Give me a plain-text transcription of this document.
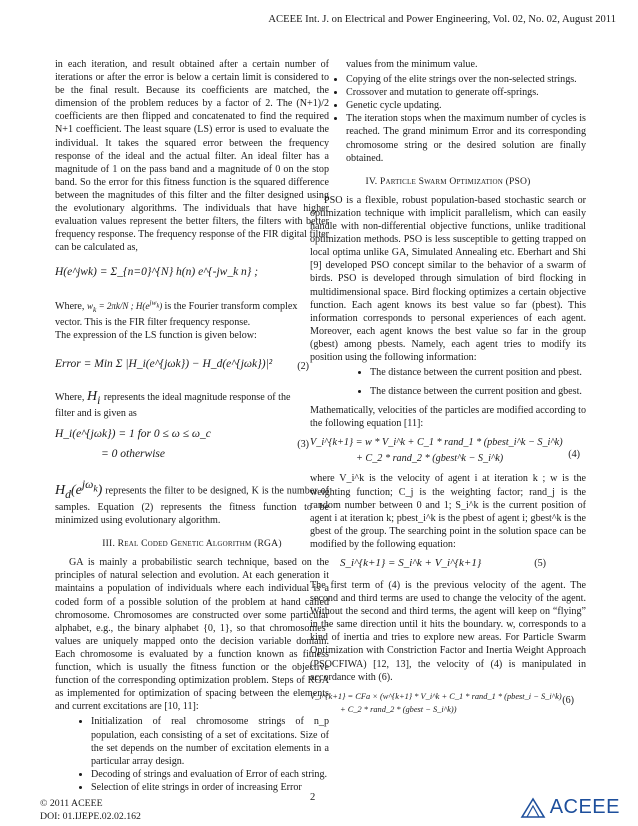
ACEEE Int. J. on Electrical and Power Engineering, Vol. 02, No. 02, August 2011

in each iteration, and result obtained after a certain number of iterations or after the error is below a certain limit is considered to be the final result. Because its coefficients are matched, the dimension of the problem reduces by a factor of 2. The (N+1)/2 coefficients are then flipped and concatenated to find the required N+1 coefficient. The least square (LS) error is used to evaluate the individual. It takes the squared error between the frequency response of the ideal and the actual filter. An ideal filter has a magnitude of 1 on the pass band and a magnitude of 0 on the stop band. So the error for this fitness function is the squared difference between the magnitudes of this filter and the filter designed using the evolutionary algorithms. The individuals that have higher evaluation values represent the better filters, the filters with better frequency response. The frequency response of the FIR digital filter can be calculated as,

H(e^jwk) = Σ_{n=0}^{N} h(n) e^{-jw_k n} ;
Where, $w_k = 2\pi k/N$ ; $H(e^{jw_k})$ is the Fourier transform complex

vector. This is the FIR filter frequency response.

The expression of the LS function is given below:

Error = Min Σ |H_i(e^{jωk}) − H_d(e^{jωk})|² (2)
Where, $H_i$ represents the ideal magnitude response of the

filter and is given as

H_i(e^{jωk}) = 1 for 0 ≤ ω ≤ ω_c
= 0 otherwise
(3)

$H_d(e^{j\omega_k})$ represents the filter to be designed, K is the number of samples. Equation (2) represents the fitness function to be minimized using evolutionary algorithm.

III. Real Coded Genetic Algorithm (RGA)

GA is mainly a probabilistic search technique, based on the principles of natural selection and evolution. At each generation it maintains a population of individuals where each individual is a coded form of a possible solution of the problem at hand called chromosome. Chromosomes are constructed over some particular alphabet, e.g., the binary alphabet {0, 1}, so that chromosomes’ values are uniquely mapped onto the decision variable domain. Each chromosome is evaluated by a function known as fitness function, which is usually the fitness function or the objective function of the corresponding optimization problem. Steps of RGA as implemented for optimization of spacing between the elements and current excitations are [10, 11]:

• Initialization of real chromosome strings of n_p population, each consisting of a set of excitations. Size of the set depends on the number of excitation elements in a particular array design.
• Decoding of strings and evaluation of Error of each string.
• Selection of elite strings in order of increasing Error

values from the minimum value.

• Copying of the elite strings over the non-selected strings.
• Crossover and mutation to generate off-springs.
• Genetic cycle updating.
• The iteration stops when the maximum number of cycles is reached. The grand minimum Error and its corresponding chromosome string or the desired solution are finally obtained.
IV. Particle Swarm Optimization (PSO)

PSO is a flexible, robust population-based stochastic search or optimization technique with implicit parallelism, which can easily handle with non-differential objective functions, unlike traditional optimization methods. PSO is less susceptible to getting trapped on local optima unlike GA, Simulated Annealing etc. Eberhart and Shi [9] developed PSO concept similar to the behavior of a swarm of birds. PSO is developed through simulation of bird flocking in multidimensional space. Bird flocking optimizes a certain objective function. Each agent knows its best value so far (pbest). This information corresponds to personal experiences of each agent. Moreover, each agent knows the best value so far in the group (gbest) among pbests. Namely, each agent tries to modify its position using the following information:

• The distance between the current position and pbest.
• The distance between the current position and gbest.

Mathematically, velocities of the particles are modified according to the following equation [11]:

V_i^{k+1} = w * V_i^k + C_1 * rand_1 * (pbest_i^k − S_i^k)
+ C_2 * rand_2 * (gbest^k − S_i^k)	(4)

where V_i^k is the velocity of agent i at iteration k ; w is the weighting function; C_j is the weighting factor; rand_j is the random number between 0 and 1; S_i^k is the current position of agent i at iteration k; pbest_i^k is the pbest of agent i; gbest^k is the gbest of the group. The searching point in the solution space can be modified by the following equation:

S_i^{k+1} = S_i^k + V_i^{k+1}	(5)

The first term of (4) is the previous velocity of the agent. The second and third terms are used to change the velocity of the agent. Without the second and third terms, the agent will keep on “flying” in the same direction until it hits the boundary. w, corresponds to a kind of inertia and tries to explore new areas. For Particle Swarm Optimization with Constriction Factor and Inertia Weight Approach (PSOCFIWA) [12, 13], the velocity of (4) is manipulated in accordance with (6).

V_i^{k+1} = CFa × (w^{k+1} * V_i^k + C_1 * rand_1 * (pbest_i − S_i^k)
+ C_2 * rand_2 * (gbest − S_i^k))
(6)
© 2011 ACEEE
DOI: 01.IJEPE.02.02.162
2	ACEEE
